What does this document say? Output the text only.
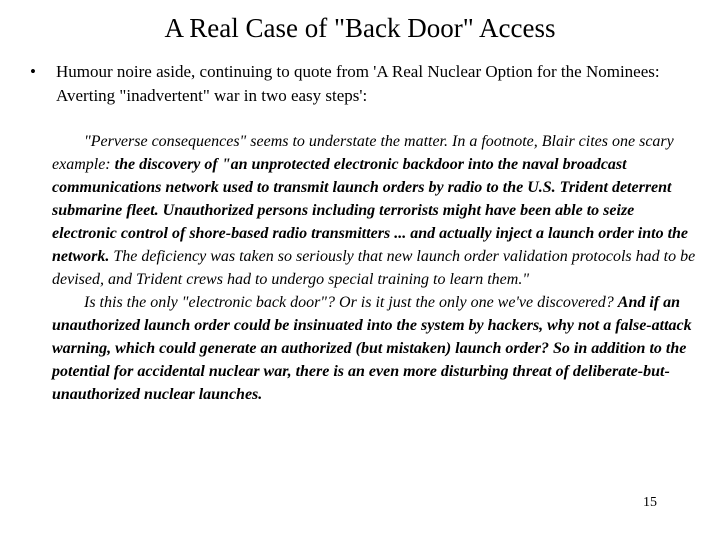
A Real Case of "Back Door" Access
• Humour noire aside, continuing to quote from 'A Real Nuclear Option for the Nominees: Averting "inadvertent" war in two easy steps':

"Perverse consequences" seems to understate the matter. In a footnote, Blair cites one scary example: the discovery of "an unprotected electronic backdoor into the naval broadcast communications network used to transmit launch orders by radio to the U.S. Trident deterrent submarine fleet. Unauthorized persons including terrorists might have been able to seize electronic control of shore-based radio transmitters ... and actually inject a launch order into the network. The deficiency was taken so seriously that new launch order validation protocols had to be devised, and Trident crews had to undergo special training to learn them."

Is this the only "electronic back door"? Or is it just the only one we've discovered? And if an unauthorized launch order could be insinuated into the system by hackers, why not a false-attack warning, which could generate an authorized (but mistaken) launch order? So in addition to the potential for accidental nuclear war, there is an even more disturbing threat of deliberate-but-unauthorized nuclear launches.

15
